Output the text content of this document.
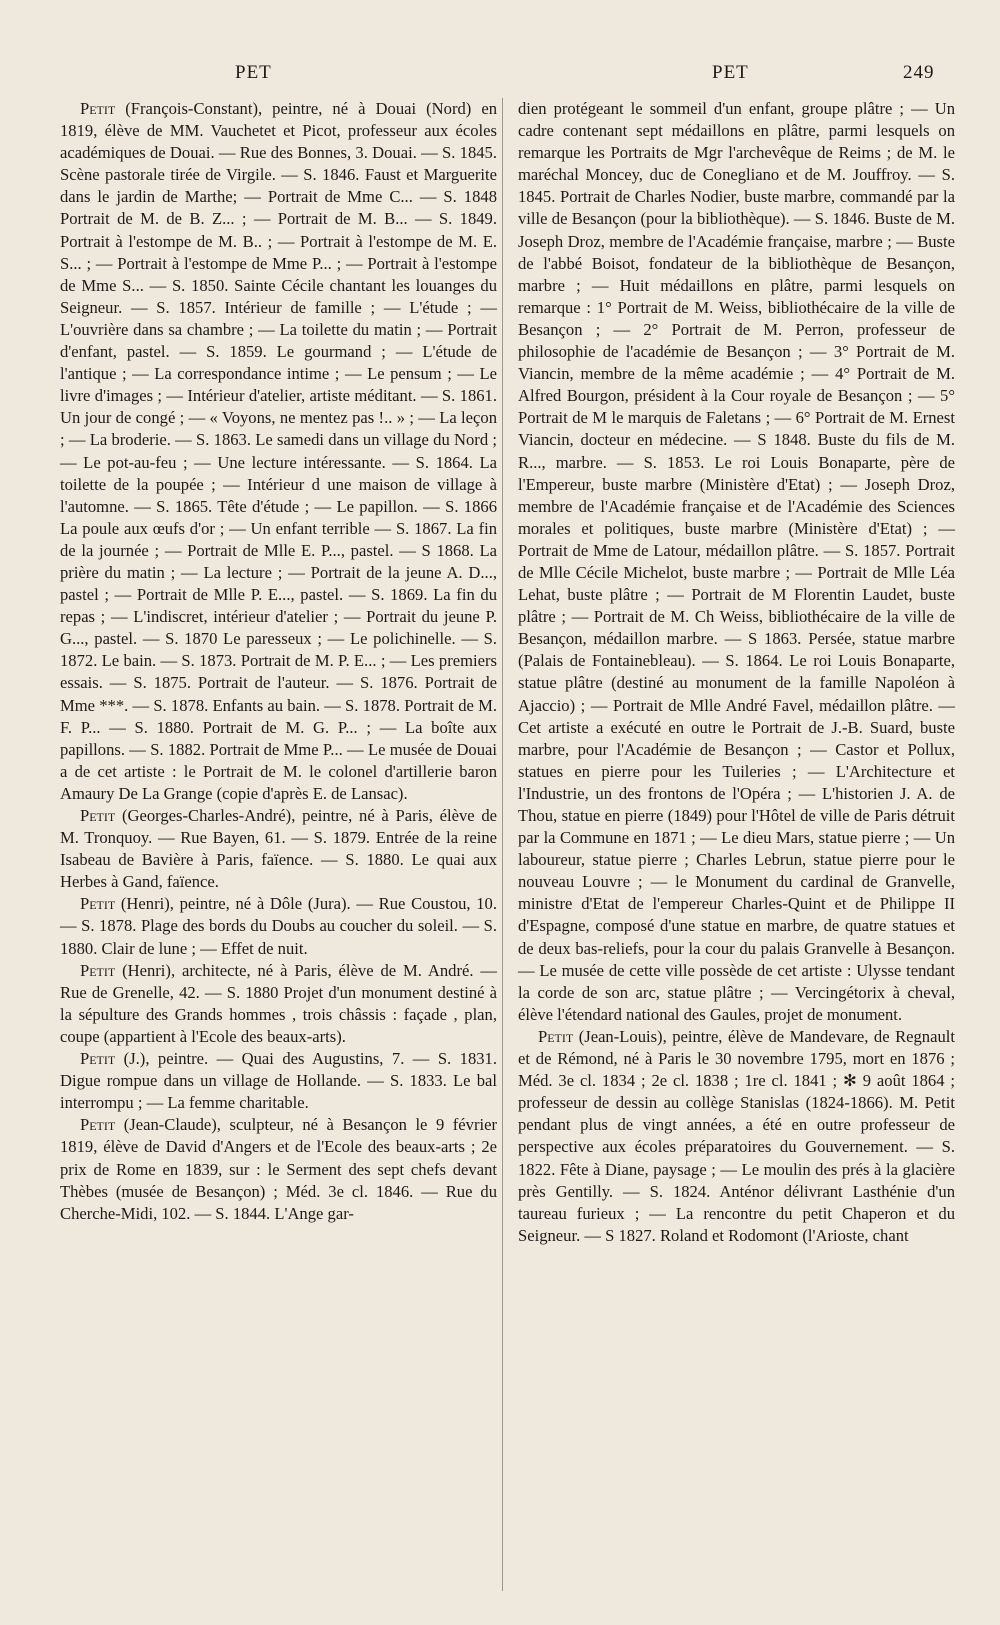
PET	PET	249
Petit (François-Constant), peintre, né à Douai (Nord) en 1819, élève de MM. Vauchetet et Picot, professeur aux écoles académiques de Douai. — Rue des Bonnes, 3. Douai. — S. 1845. Scène pastorale tirée de Virgile. — S. 1846. Faust et Marguerite dans le jardin de Marthe; — Portrait de Mme C... — S. 1848 Portrait de M. de B. Z... ; — Portrait de M. B... — S. 1849. Portrait à l'estompe de M. B.. ; — Portrait à l'estompe de M. E. S... ; — Portrait à l'estompe de Mme P... ; — Portrait à l'estompe de Mme S... — S. 1850. Sainte Cécile chantant les louanges du Seigneur. — S. 1857. Intérieur de famille ; — L'étude ; — L'ouvrière dans sa chambre ; — La toilette du matin ; — Portrait d'enfant, pastel. — S. 1859. Le gourmand ; — L'étude de l'antique ; — La correspondance intime ; — Le pensum ; — Le livre d'images ; — Intérieur d'atelier, artiste méditant. — S. 1861. Un jour de congé ; — « Voyons, ne mentez pas !.. » ; — La leçon ; — La broderie. — S. 1863. Le samedi dans un village du Nord ; — Le pot-au-feu ; — Une lecture intéressante. — S. 1864. La toilette de la poupée ; — Intérieur d une maison de village à l'automne. — S. 1865. Tête d'étude ; — Le papillon. — S. 1866 La poule aux œufs d'or ; — Un enfant terrible — S. 1867. La fin de la journée ; — Portrait de Mlle E. P..., pastel. — S 1868. La prière du matin ; — La lecture ; — Portrait de la jeune A. D..., pastel ; — Portrait de Mlle P. E..., pastel. — S. 1869. La fin du repas ; — L'indiscret, intérieur d'atelier ; — Portrait du jeune P. G..., pastel. — S. 1870 Le paresseux ; — Le polichinelle. — S. 1872. Le bain. — S. 1873. Portrait de M. P. E... ; — Les premiers essais. — S. 1875. Portrait de l'auteur. — S. 1876. Portrait de Mme ***. — S. 1878. Enfants au bain. — S. 1878. Portrait de M. F. P... — S. 1880. Portrait de M. G. P... ; — La boîte aux papillons. — S. 1882. Portrait de Mme P... — Le musée de Douai a de cet artiste : le Portrait de M. le colonel d'artillerie baron Amaury De La Grange (copie d'après E. de Lansac).
Petit (Georges-Charles-André), peintre, né à Paris, élève de M. Tronquoy. — Rue Bayen, 61. — S. 1879. Entrée de la reine Isabeau de Bavière à Paris, faïence. — S. 1880. Le quai aux Herbes à Gand, faïence.
Petit (Henri), peintre, né à Dôle (Jura). — Rue Coustou, 10. — S. 1878. Plage des bords du Doubs au coucher du soleil. — S. 1880. Clair de lune ; — Effet de nuit.
Petit (Henri), architecte, né à Paris, élève de M. André. — Rue de Grenelle, 42. — S. 1880 Projet d'un monument destiné à la sépulture des Grands hommes , trois châssis : façade , plan, coupe (appartient à l'Ecole des beaux-arts).
Petit (J.), peintre. — Quai des Augustins, 7. — S. 1831. Digue rompue dans un village de Hollande. — S. 1833. Le bal interrompu ; — La femme charitable.
Petit (Jean-Claude), sculpteur, né à Besançon le 9 février 1819, élève de David d'Angers et de l'Ecole des beaux-arts ; 2e prix de Rome en 1839, sur : le Serment des sept chefs devant Thèbes (musée de Besançon) ; Méd. 3e cl. 1846. — Rue du Cherche-Midi, 102. — S. 1844. L'Ange gar-
dien protégeant le sommeil d'un enfant, groupe plâtre ; — Un cadre contenant sept médaillons en plâtre, parmi lesquels on remarque les Portraits de Mgr l'archevêque de Reims ; de M. le maréchal Moncey, duc de Conegliano et de M. Jouffroy. — S. 1845. Portrait de Charles Nodier, buste marbre, commandé par la ville de Besançon (pour la bibliothèque). — S. 1846. Buste de M. Joseph Droz, membre de l'Académie française, marbre ; — Buste de l'abbé Boisot, fondateur de la bibliothèque de Besançon, marbre ; — Huit médaillons en plâtre, parmi lesquels on remarque : 1° Portrait de M. Weiss, bibliothécaire de la ville de Besançon ; — 2° Portrait de M. Perron, professeur de philosophie de l'académie de Besançon ; — 3° Portrait de M. Viancin, membre de la même académie ; — 4° Portrait de M. Alfred Bourgon, président à la Cour royale de Besançon ; — 5° Portrait de M le marquis de Faletans ; — 6° Portrait de M. Ernest Viancin, docteur en médecine. — S 1848. Buste du fils de M. R..., marbre. — S. 1853. Le roi Louis Bonaparte, père de l'Empereur, buste marbre (Ministère d'Etat) ; — Joseph Droz, membre de l'Académie française et de l'Académie des Sciences morales et politiques, buste marbre (Ministère d'Etat) ; — Portrait de Mme de Latour, médaillon plâtre. — S. 1857. Portrait de Mlle Cécile Michelot, buste marbre ; — Portrait de Mlle Léa Lehat, buste plâtre ; — Portrait de M Florentin Laudet, buste plâtre ; — Portrait de M. Ch Weiss, bibliothécaire de la ville de Besançon, médaillon marbre. — S 1863. Persée, statue marbre (Palais de Fontainebleau). — S. 1864. Le roi Louis Bonaparte, statue plâtre (destiné au monument de la famille Napoléon à Ajaccio) ; — Portrait de Mlle André Favel, médaillon plâtre. — Cet artiste a exécuté en outre le Portrait de J.-B. Suard, buste marbre, pour l'Académie de Besançon ; — Castor et Pollux, statues en pierre pour les Tuileries ; — L'Architecture et l'Industrie, un des frontons de l'Opéra ; — L'historien J. A. de Thou, statue en pierre (1849) pour l'Hôtel de ville de Paris détruit par la Commune en 1871 ; — Le dieu Mars, statue pierre ; — Un laboureur, statue pierre ; Charles Lebrun, statue pierre pour le nouveau Louvre ; — le Monument du cardinal de Granvelle, ministre d'Etat de l'empereur Charles-Quint et de Philippe II d'Espagne, composé d'une statue en marbre, de quatre statues et de deux bas-reliefs, pour la cour du palais Granvelle à Besançon. — Le musée de cette ville possède de cet artiste : Ulysse tendant la corde de son arc, statue plâtre ; — Vercingétorix à cheval, élève l'étendard national des Gaules, projet de monument.
Petit (Jean-Louis), peintre, élève de Mandevare, de Regnault et de Rémond, né à Paris le 30 novembre 1795, mort en 1876 ; Méd. 3e cl. 1834 ; 2e cl. 1838 ; 1re cl. 1841 ; ✻ 9 août 1864 ; professeur de dessin au collège Stanislas (1824-1866). M. Petit pendant plus de vingt années, a été en outre professeur de perspective aux écoles préparatoires du Gouvernement. — S. 1822. Fête à Diane, paysage ; — Le moulin des prés à la glacière près Gentilly. — S. 1824. Anténor délivrant Lasthénie d'un taureau furieux ; — La rencontre du petit Chaperon et du Seigneur. — S 1827. Roland et Rodomont (l'Arioste, chant
